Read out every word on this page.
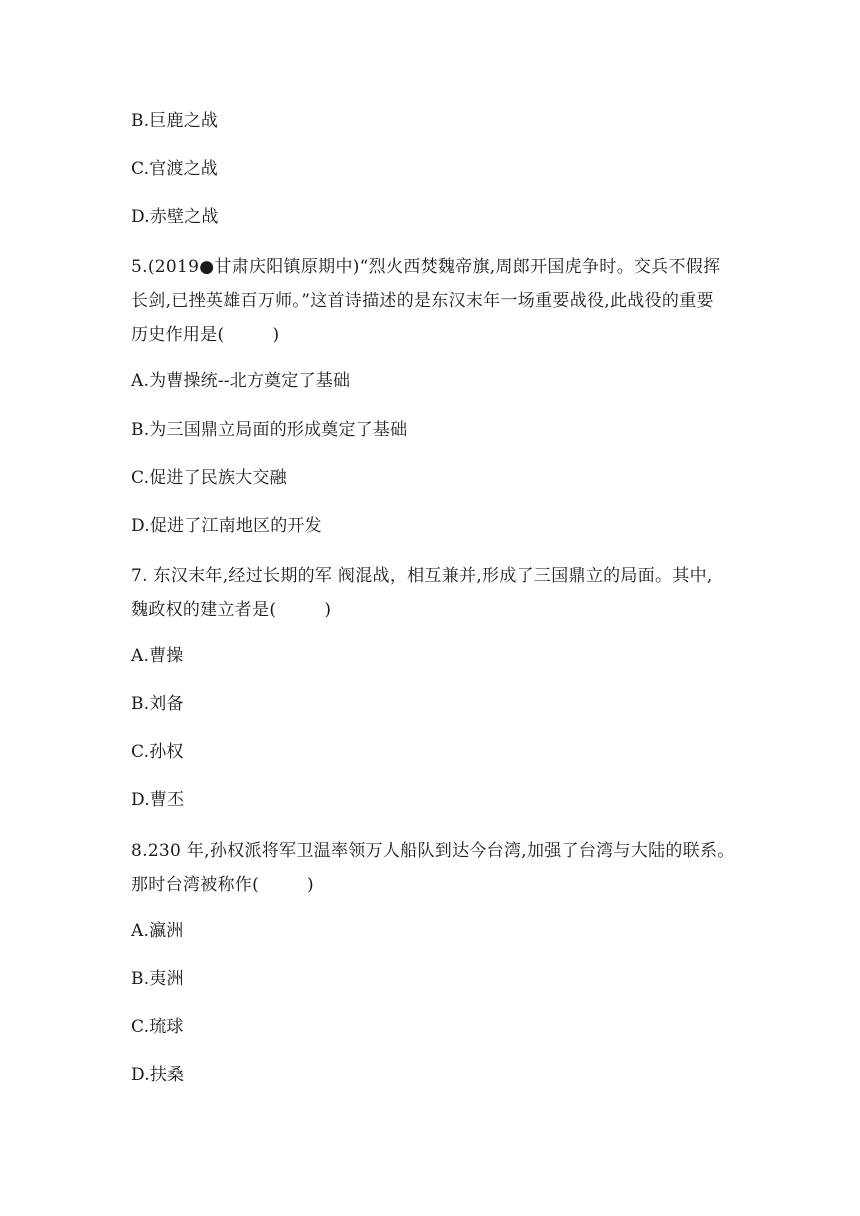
B.巨鹿之战
C.官渡之战
D.赤壁之战
5.(2019●甘肃庆阳镇原期中)“烈火西焚魏帝旗,周郎开国虎争时。交兵不假挥
长剑,已挫英雄百万师。”这首诗描述的是东汉末年一场重要战役,此战役的重要
历史作用是(	)
A.为曹操统--北方奠定了基础
B.为三国鼎立局面的形成奠定了基础
C.促进了民族大交融
D.促进了江南地区的开发
7. 东汉末年,经过长期的军 阀混战，相互兼并,形成了三国鼎立的局面。其中,
魏政权的建立者是(	)
A.曹操
B.刘备
C.孙权
D.曹丕
8.230 年,孙权派将军卫温率领万人船队到达今台湾,加强了台湾与大陆的联系。
那时台湾被称作(	)
A.瀛洲
B.夷洲
C.琉球
D.扶桑
